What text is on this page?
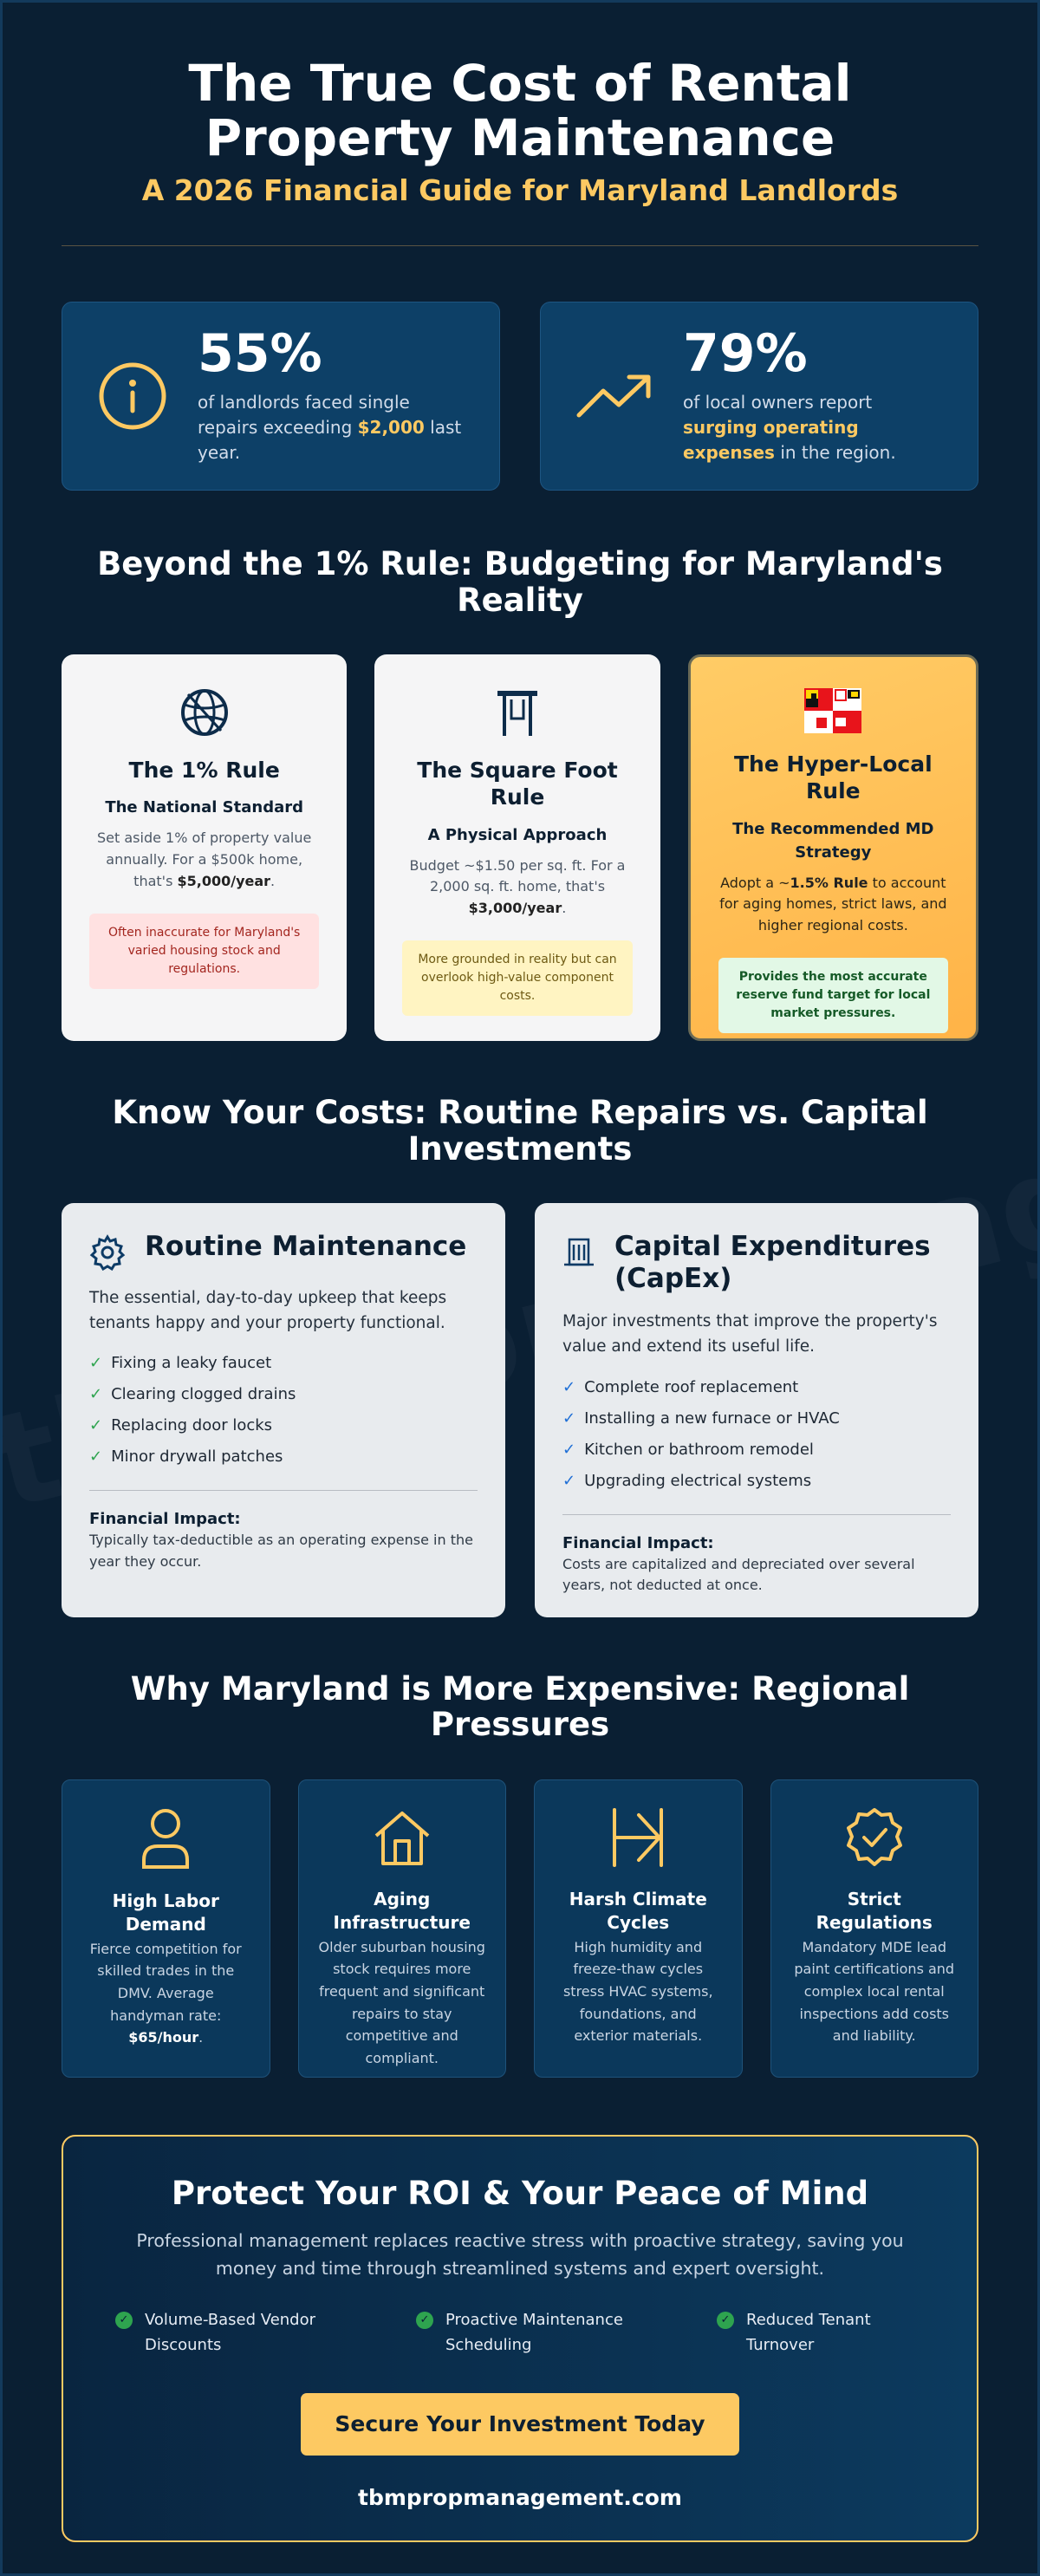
The True Cost of Rental Property Maintenance
A 2026 Financial Guide for Maryland Landlords
55%
of landlords faced single repairs exceeding $2,000 last year.
79%
of local owners report surging operating expenses in the region.
Beyond the 1% Rule: Budgeting for Maryland's Reality
The 1% Rule
The National Standard

Set aside 1% of property value annually. For a $500k home, that's $5,000/year.

Often inaccurate for Maryland's varied housing stock and regulations.
The Square Foot Rule
A Physical Approach

Budget ~$1.50 per sq. ft. For a 2,000 sq. ft. home, that's $3,000/year.

More grounded in reality but can overlook high-value component costs.
The Hyper-Local Rule
The Recommended MD Strategy

Adopt a ~1.5% Rule to account for aging homes, strict laws, and higher regional costs.

Provides the most accurate reserve fund target for local market pressures.
Know Your Costs: Routine Repairs vs. Capital Investments
Routine Maintenance
The essential, day-to-day upkeep that keeps tenants happy and your property functional.
✓ Fixing a leaky faucet
✓ Clearing clogged drains
✓ Replacing door locks
✓ Minor drywall patches
Financial Impact:
Typically tax-deductible as an operating expense in the year they occur.
Capital Expenditures (CapEx)
Major investments that improve the property's value and extend its useful life.
✓ Complete roof replacement
✓ Installing a new furnace or HVAC
✓ Kitchen or bathroom remodel
✓ Upgrading electrical systems
Financial Impact:
Costs are capitalized and depreciated over several years, not deducted at once.
Why Maryland is More Expensive: Regional Pressures
High Labor Demand

Fierce competition for skilled trades in the DMV. Average handyman rate: $65/hour.

Aging Infrastructure

Older suburban housing stock requires more frequent and significant repairs to stay competitive and compliant.

Harsh Climate Cycles

High humidity and freeze-thaw cycles stress HVAC systems, foundations, and exterior materials.

Strict Regulations

Mandatory MDE lead paint certifications and complex local rental inspections add costs and liability.

Protect Your ROI & Your Peace of Mind
Professional management replaces reactive stress with proactive strategy, saving you money and time through streamlined systems and expert oversight.
✓ Volume-Based Vendor Discounts
✓ Proactive Maintenance Scheduling
✓ Reduced Tenant Turnover
Secure Your Investment Today
tbmpropmanagement.com
